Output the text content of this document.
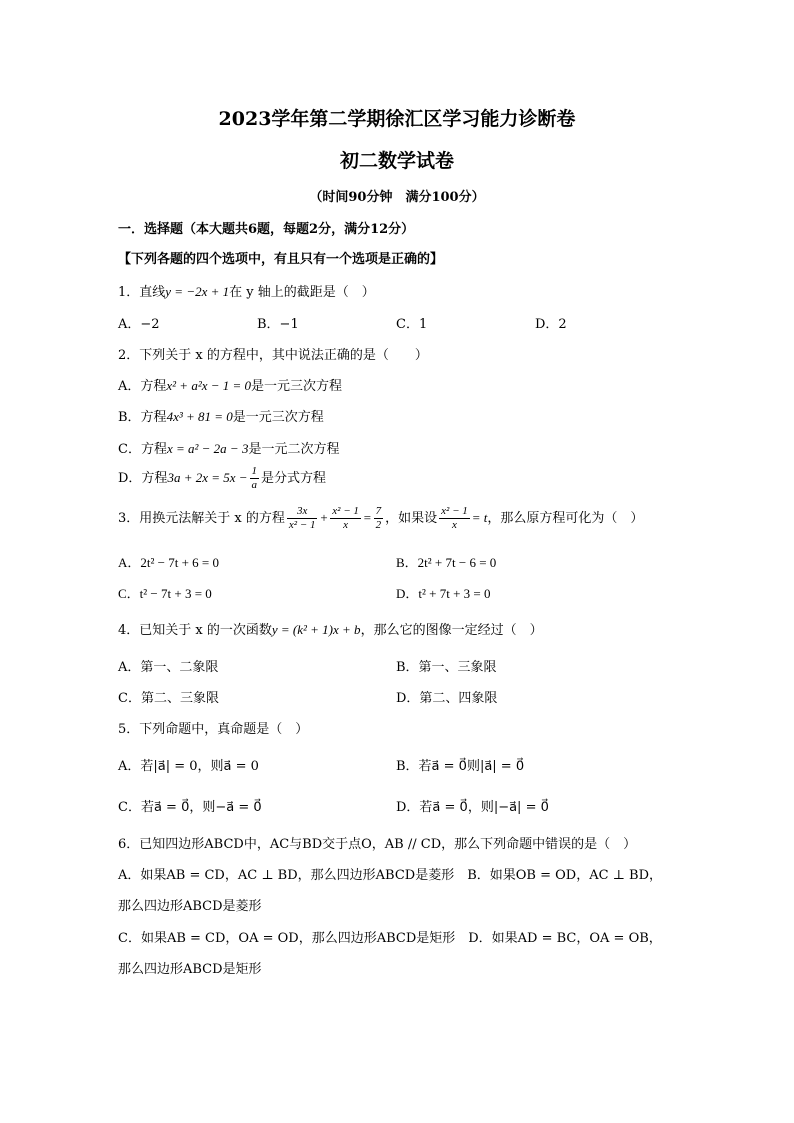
2023学年第二学期徐汇区学习能力诊断卷
初二数学试卷
（时间90分钟　满分100分）
一．选择题（本大题共6题，每题2分，满分12分）
【下列各题的四个选项中，有且只有一个选项是正确的】
1．直线y = −2x + 1在 y 轴上的截距是（　）
A．−2	B．−1	C．1	D．2
2．下列关于 x 的方程中，其中说法正确的是（　　）
A．方程x² + a²x − 1 = 0是一元三次方程
B．方程4x³ + 81 = 0是一元三次方程
C．方程x = a² − 2a − 3是一元二次方程
D．方程$3a + 2x = 5x - \frac{1}{a}$ 是分式方程
3．用换元法解关于 x 的方程 $\frac{3x}{\text{x² − 1}} + \frac{\text{x² − 1}}{x} = \frac{7}{2}$ ，如果设 $\frac{\text{x² − 1}}{x} = t$，那么原方程可化为（　）
A．2t² − 7t + 6 = 0	B．2t² + 7t − 6 = 0
C．t² − 7t + 3 = 0	D．t² + 7t + 3 = 0
4．已知关于 x 的一次函数y = (k² + 1)x + b，那么它的图像一定经过（　）
A．第一、二象限	B．第一、三象限
C．第二、三象限	D．第二、四象限
5．下列命题中，真命题是（　）
A．若|a⃗| = 0，则a⃗ = 0	B．若a⃗ = 0⃗则|a⃗| = 0⃗
C．若a⃗ = 0⃗，则−a⃗ = 0⃗	D．若a⃗ = 0⃗，则|−a⃗| = 0⃗
6．已知四边形ABCD中，AC与BD交于点O，AB // CD，那么下列命题中错误的是（　）
A．如果AB = CD，AC ⊥ BD，那么四边形ABCD是菱形　B．如果OB = OD，AC ⊥ BD，
那么四边形ABCD是菱形
C．如果AB = CD，OA = OD，那么四边形ABCD是矩形　D．如果AD = BC，OA = OB，
那么四边形ABCD是矩形
